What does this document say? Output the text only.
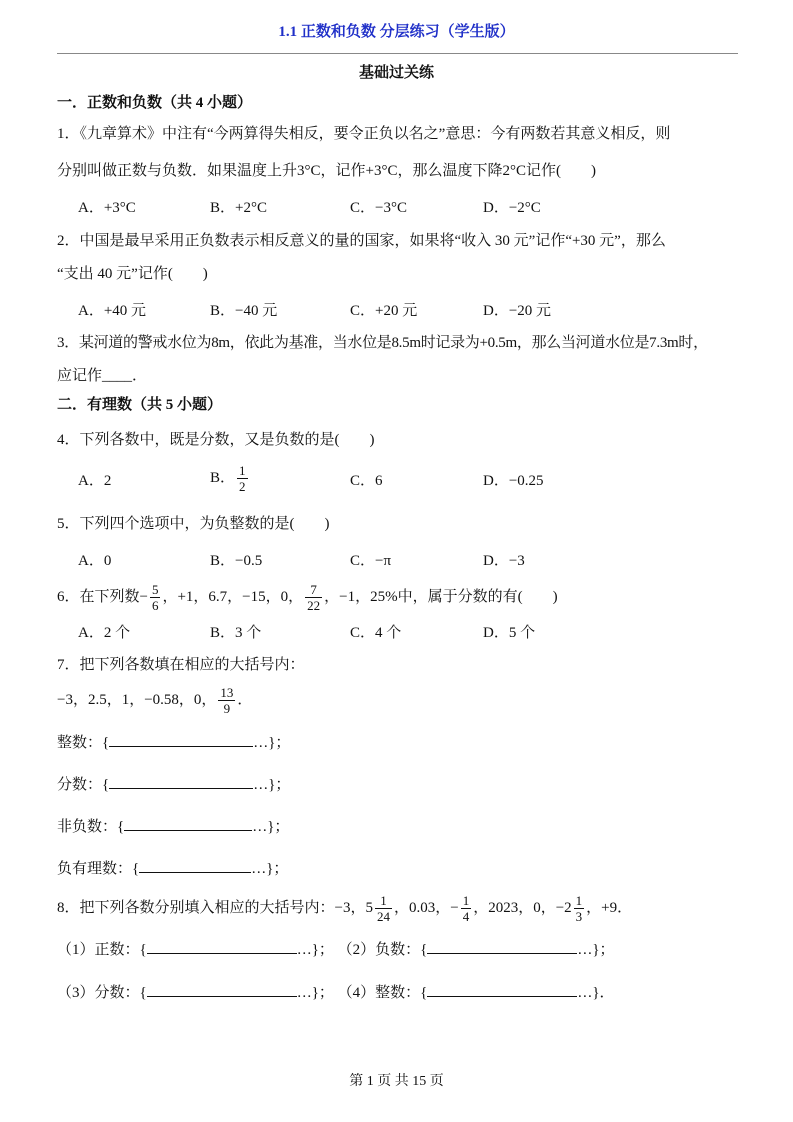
1.1 正数和负数 分层练习（学生版）
基础过关练
一．正数和负数（共 4 小题）
1．《九章算术》中注有“今两算得失相反，要令正负以名之”意思：今有两数若其意义相反，则
分别叫做正数与负数．如果温度上升3°C，记作+3°C，那么温度下降2°C记作(　　)
A．+3°C	B．+2°C	C．−3°C	D．−2°C
2．中国是最早采用正负数表示相反意义的量的国家，如果将“收入 30 元”记作“+30 元”，那么
“支出 40 元”记作(　　)
A．+40 元	B．−40 元	C．+20 元	D．−20 元
3．某河道的警戒水位为8m，依此为基准，当水位是8.5m时记录为+0.5m，那么当河道水位是7.3m时，
应记作____．
二．有理数（共 5 小题）
4．下列各数中，既是分数，又是负数的是(　　)
A．2	B． $\frac{1}{2}$	C．6	D．−0.25
5．下列四个选项中，为负整数的是(　　)
A．0	B．−0.5	C．−π	D．−3
6．在下列数− $\frac{5}{6}$ ，+1，6.7，−15，0， $\frac{7}{22}$ ，−1，25%中，属于分数的有(　　)
A．2 个	B．3 个	C．4 个	D．5 个
7．把下列各数填在相应的大括号内：
−3，2.5，1，−0.58，0， $\frac{13}{9}$ ．
整数：{	…}；
分数：{	…}；
非负数：{	…}；
负有理数：{	…}；
8．把下列各数分别填入相应的大括号内：−3，$5 \frac{1}{24}$ ，0.03，− $\frac{1}{4}$ ，2023，0，$-2 \frac{1}{3}$ ，+9．
（1）正数：{	…}； （2）负数：{	…}；
（3）分数：{	…}； （4）整数：{	…}．
第 1 页 共 15 页
